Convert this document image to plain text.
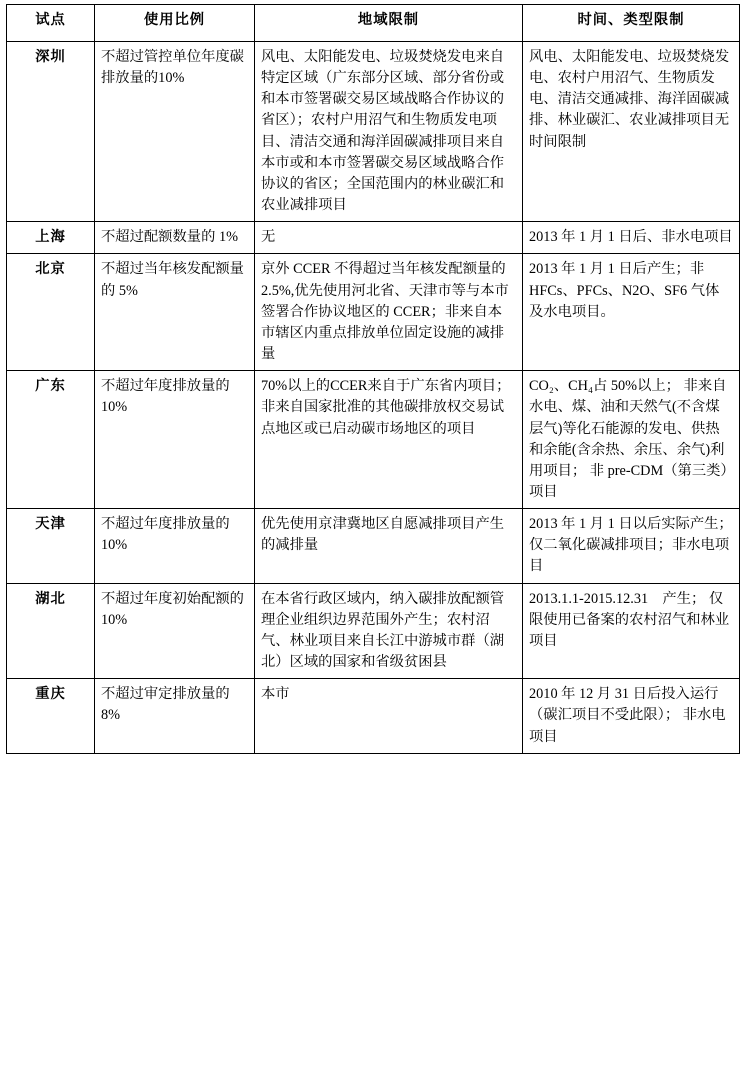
试点	使用比例	地域限制	时间、类型限制
深圳	不超过管控单位年度碳排放量的10%	风电、太阳能发电、垃圾焚烧发电来自特定区域（广东部分区域、部分省份或和本市签署碳交易区域战略合作协议的省区）；农村户用沼气和生物质发电项目、清洁交通和海洋固碳减排项目来自本市或和本市签署碳交易区域战略合作协议的省区；全国范围内的林业碳汇和农业减排项目	风电、太阳能发电、垃圾焚烧发电、农村户用沼气、生物质发电、清洁交通减排、海洋固碳减排、林业碳汇、农业减排项目无时间限制
上海	不超过配额数量的 1%	无	2013 年 1 月 1 日后、非水电项目
北京	不超过当年核发配额量的 5%	京外 CCER 不得超过当年核发配额量的 2.5%,优先使用河北省、天津市等与本市签署合作协议地区的 CCER；非来自本市辖区内重点排放单位固定设施的减排量	2013 年 1 月 1 日后产生；非 HFCs、PFCs、N2O、SF6 气体及水电项目。
广东	不超过年度排放量的 10%	70%以上的CCER来自于广东省内项目；非来自国家批准的其他碳排放权交易试点地区或已启动碳市场地区的项目	CO₂、CH₄占 50%以上； 非来自水电、煤、油和天然气(不含煤层气)等化石能源的发电、供热和余能(含余热、余压、余气)利用项目； 非 pre-CDM（第三类）项目
天津	不超过年度排放量的 10%	优先使用京津冀地区自愿减排项目产生的减排量	2013 年 1 月 1 日以后实际产生； 仅二氧化碳减排项目；非水电项目
湖北	不超过年度初始配额的 10%	在本省行政区域内，纳入碳排放配额管理企业组织边界范围外产生；农村沼气、林业项目来自长江中游城市群（湖北）区域的国家和省级贫困县	2013.1.1-2015.12.31　产生； 仅限使用已备案的农村沼气和林业项目
重庆	不超过审定排放量的 8%	本市	2010 年 12 月 31 日后投入运行（碳汇项目不受此限）； 非水电项目
